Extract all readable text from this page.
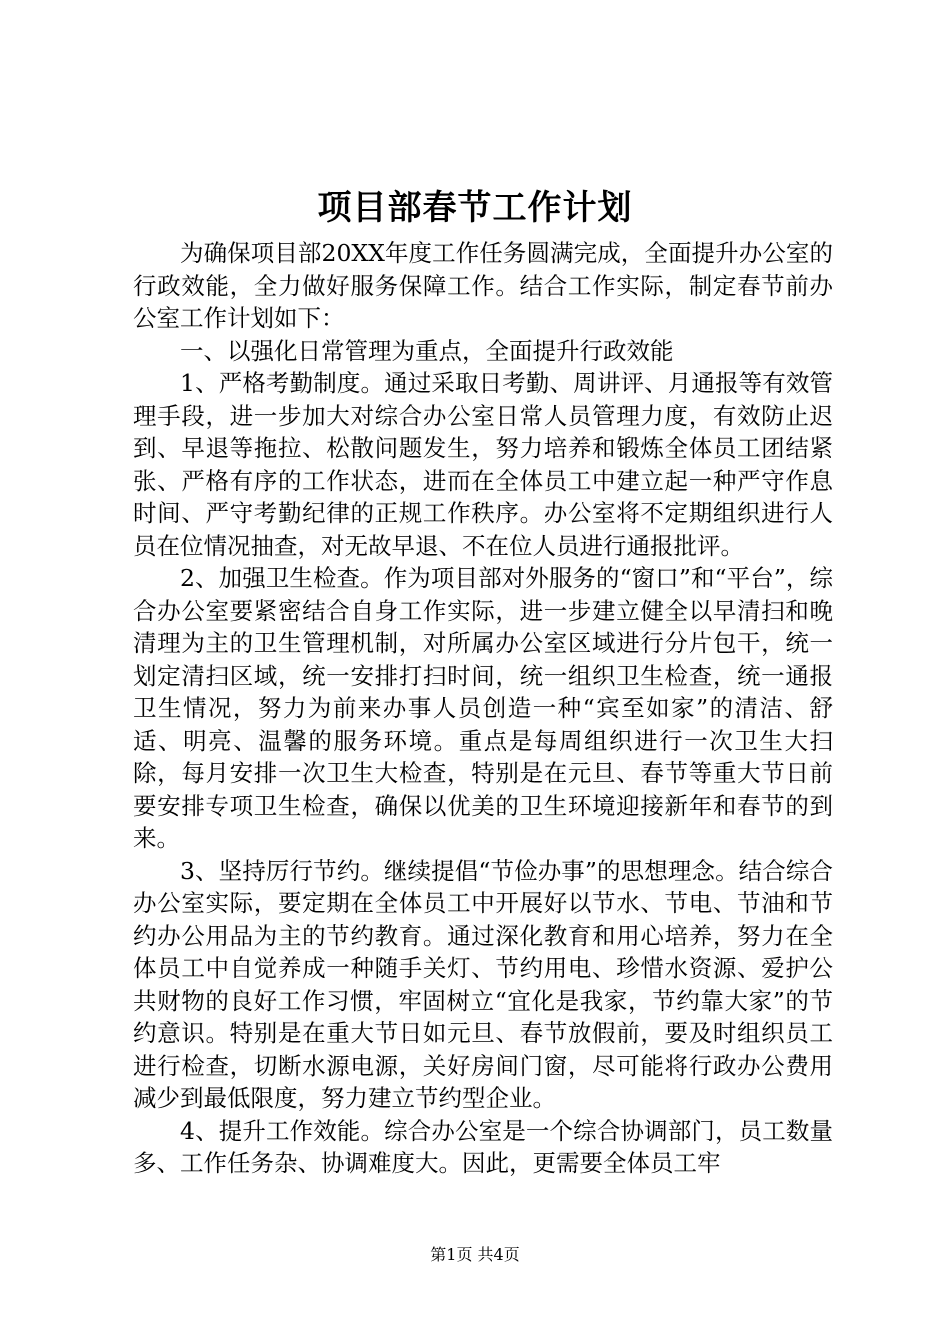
项目部春节工作计划

为确保项目部20XX年度工作任务圆满完成，全面提升办公室的行政效能，全力做好服务保障工作。结合工作实际，制定春节前办公室工作计划如下：

一、以强化日常管理为重点，全面提升行政效能

1、严格考勤制度。通过采取日考勤、周讲评、月通报等有效管理手段，进一步加大对综合办公室日常人员管理力度，有效防止迟到、早退等拖拉、松散问题发生，努力培养和锻炼全体员工团结紧张、严格有序的工作状态，进而在全体员工中建立起一种严守作息时间、严守考勤纪律的正规工作秩序。办公室将不定期组织进行人员在位情况抽查，对无故早退、不在位人员进行通报批评。

2、加强卫生检查。作为项目部对外服务的“窗口”和“平台”，综合办公室要紧密结合自身工作实际，进一步建立健全以早清扫和晚清理为主的卫生管理机制，对所属办公室区域进行分片包干，统一划定清扫区域，统一安排打扫时间，统一组织卫生检查，统一通报卫生情况，努力为前来办事人员创造一种“宾至如家”的清洁、舒适、明亮、温馨的服务环境。重点是每周组织进行一次卫生大扫除，每月安排一次卫生大检查，特别是在元旦、春节等重大节日前要安排专项卫生检查，确保以优美的卫生环境迎接新年和春节的到来。

3、坚持厉行节约。继续提倡“节俭办事”的思想理念。结合综合办公室实际，要定期在全体员工中开展好以节水、节电、节油和节约办公用品为主的节约教育。通过深化教育和用心培养，努力在全体员工中自觉养成一种随手关灯、节约用电、珍惜水资源、爱护公共财物的良好工作习惯，牢固树立“宜化是我家，节约靠大家”的节约意识。特别是在重大节日如元旦、春节放假前，要及时组织员工进行检查，切断水源电源，关好房间门窗，尽可能将行政办公费用减少到最低限度，努力建立节约型企业。

4、提升工作效能。综合办公室是一个综合协调部门，员工数量多、工作任务杂、协调难度大。因此，更需要全体员工牢

第1页 共4页
